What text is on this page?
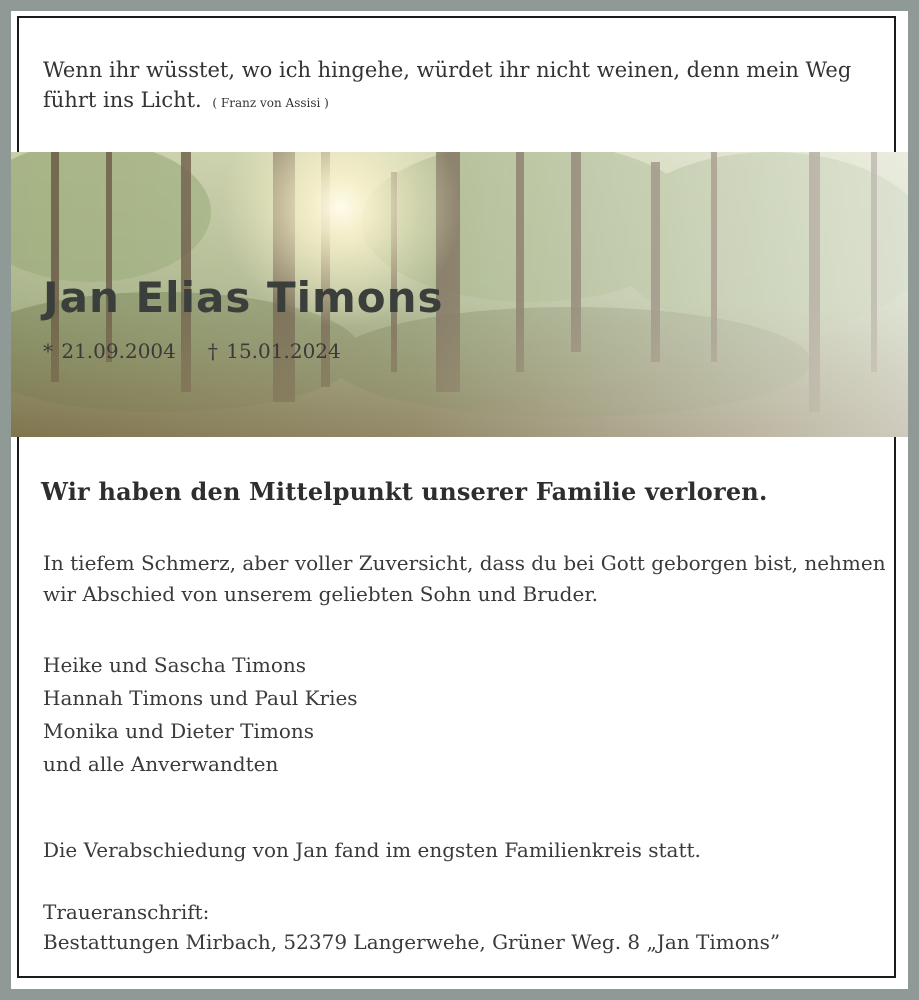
Wenn ihr wüsstet, wo ich hingehe, würdet ihr nicht weinen, denn mein Weg führt ins Licht. ( Franz von Assisi )
Jan Elias Timons
* 21.09.2004 † 15.01.2024
Wir haben den Mittelpunkt unserer Familie verloren.
In tiefem Schmerz, aber voller Zuversicht, dass du bei Gott geborgen bist, nehmen wir Abschied von unserem geliebten Sohn und Bruder.
Heike und Sascha Timons
Hannah Timons und Paul Kries
Monika und Dieter Timons
und alle Anverwandten
Die Verabschiedung von Jan fand im engsten Familienkreis statt.
Traueranschrift:
Bestattungen Mirbach, 52379 Langerwehe, Grüner Weg. 8 „Jan Timons”
